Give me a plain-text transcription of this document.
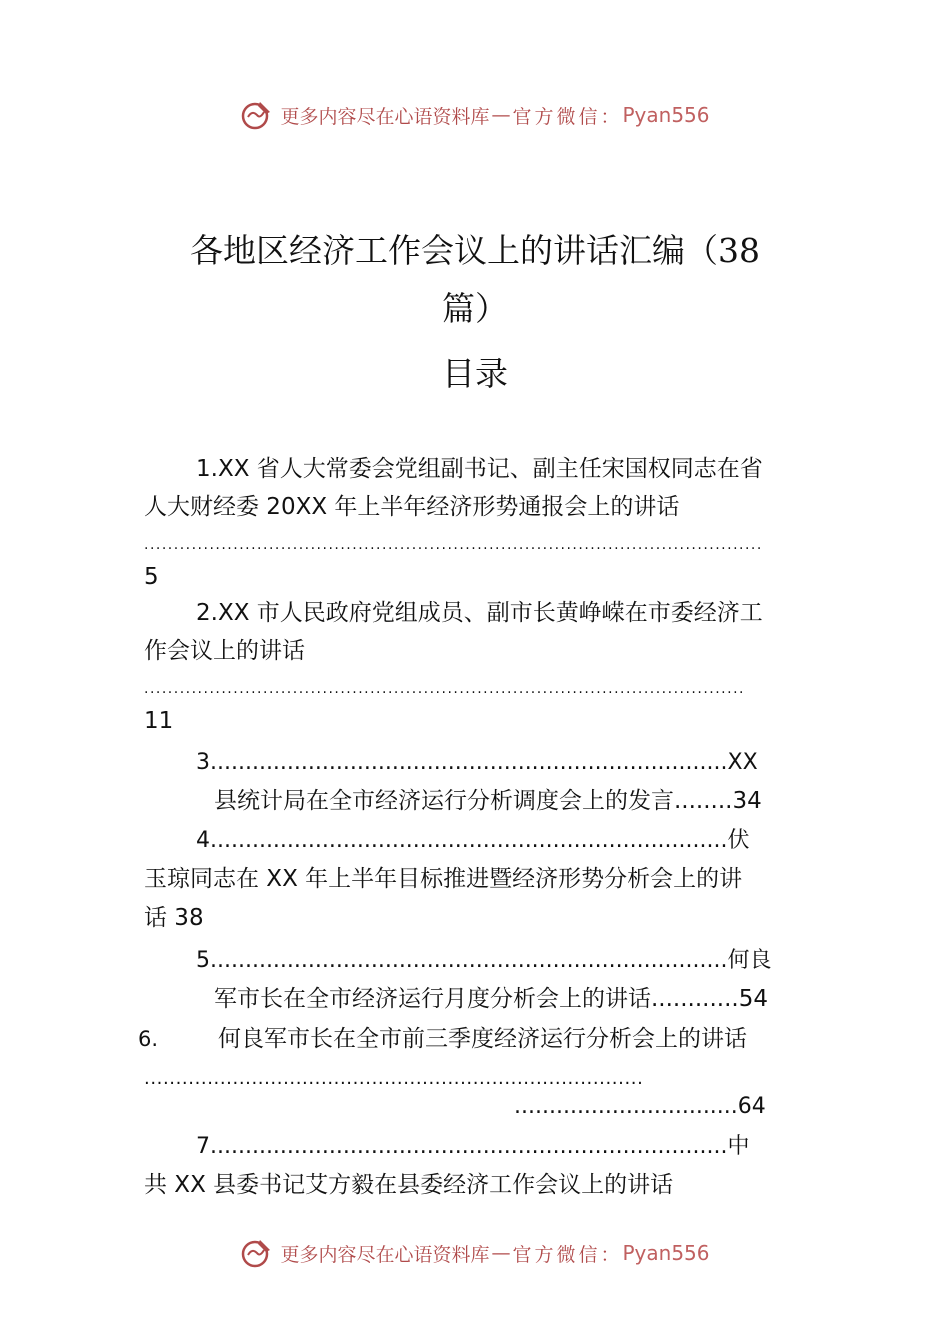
更多内容尽在心语资料库 — 官方微信： Pyan556
各地区经济工作会议上的讲话汇编（38
篇）
目录
1.XX 省人大常委会党组副书记、副主任宋国权同志在省
人大财经委 20XX 年上半年经济形势通报会上的讲话
........................................................................................................
5
2.XX 市人民政府党组成员、副市长黄峥嵘在市委经济工
作会议上的讲话
.....................................................................................................
11
3..........................................................................XX
县统计局在全市经济运行分析调度会上的发言........34
4..........................................................................伏
玉琼同志在 XX 年上半年目标推进暨经济形势分析会上的讲
话 38
5..........................................................................何良
军市长在全市经济运行月度分析会上的讲话............54
6.	何良军市长在全市前三季度经济运行分析会上的讲话
...............................................................................
................................64
7..........................................................................中
共 XX 县委书记艾方毅在县委经济工作会议上的讲话
更多内容尽在心语资料库 — 官方微信： Pyan556
